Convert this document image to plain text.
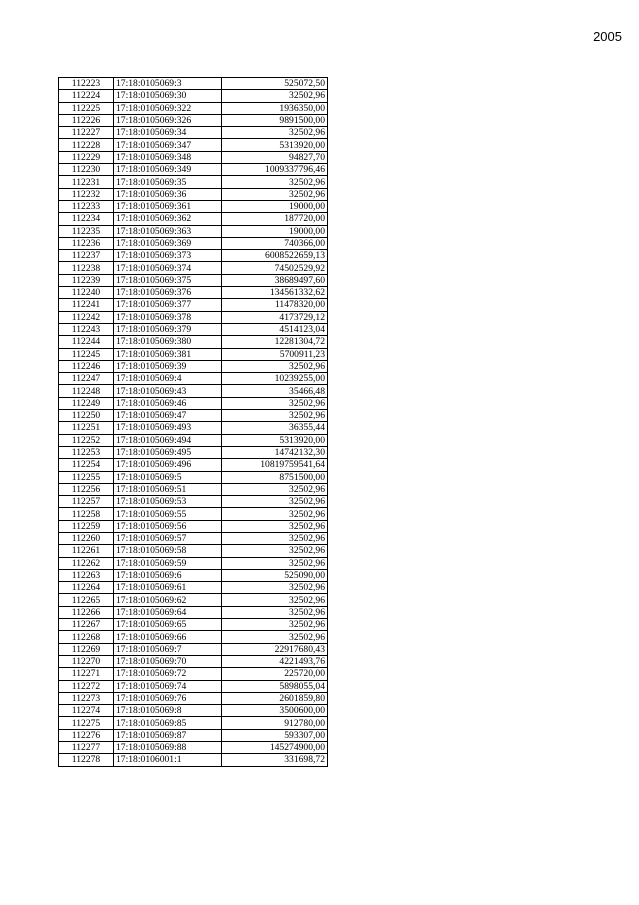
2005
112223	17:18:0105069:3	525072,50
112224	17:18:0105069:30	32502,96
112225	17:18:0105069:322	1936350,00
112226	17:18:0105069:326	9891500,00
112227	17:18:0105069:34	32502,96
112228	17:18:0105069:347	5313920,00
112229	17:18:0105069:348	94827,70
112230	17:18:0105069:349	1009337796,46
112231	17:18:0105069:35	32502,96
112232	17:18:0105069:36	32502,96
112233	17:18:0105069:361	19000,00
112234	17:18:0105069:362	187720,00
112235	17:18:0105069:363	19000,00
112236	17:18:0105069:369	740366,00
112237	17:18:0105069:373	6008522659,13
112238	17:18:0105069:374	74502529,92
112239	17:18:0105069:375	38689497,60
112240	17:18:0105069:376	134561332,62
112241	17:18:0105069:377	11478320,00
112242	17:18:0105069:378	4173729,12
112243	17:18:0105069:379	4514123,04
112244	17:18:0105069:380	12281304,72
112245	17:18:0105069:381	5700911,23
112246	17:18:0105069:39	32502,96
112247	17:18:0105069:4	10239255,00
112248	17:18:0105069:43	35466,48
112249	17:18:0105069:46	32502,96
112250	17:18:0105069:47	32502,96
112251	17:18:0105069:493	36355,44
112252	17:18:0105069:494	5313920,00
112253	17:18:0105069:495	14742132,30
112254	17:18:0105069:496	10819759541,64
112255	17:18:0105069:5	8751500,00
112256	17:18:0105069:51	32502,96
112257	17:18:0105069:53	32502,96
112258	17:18:0105069:55	32502,96
112259	17:18:0105069:56	32502,96
112260	17:18:0105069:57	32502,96
112261	17:18:0105069:58	32502,96
112262	17:18:0105069:59	32502,96
112263	17:18:0105069:6	525090,00
112264	17:18:0105069:61	32502,96
112265	17:18:0105069:62	32502,96
112266	17:18:0105069:64	32502,96
112267	17:18:0105069:65	32502,96
112268	17:18:0105069:66	32502,96
112269	17:18:0105069:7	22917680,43
112270	17:18:0105069:70	4221493,76
112271	17:18:0105069:72	225720,00
112272	17:18:0105069:74	5898055,04
112273	17:18:0105069:76	2601859,80
112274	17:18:0105069:8	3500600,00
112275	17:18:0105069:85	912780,00
112276	17:18:0105069:87	593307,00
112277	17:18:0105069:88	145274900,00
112278	17:18:0106001:1	331698,72
